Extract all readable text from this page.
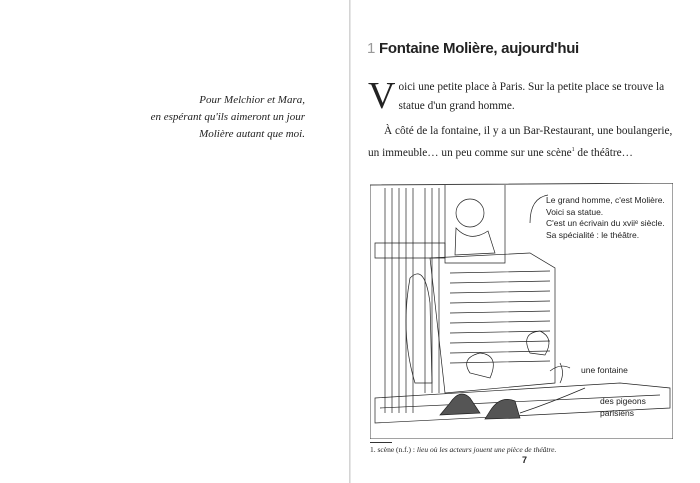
Pour Melchior et Mara,
en espérant qu'ils aimeront un jour
Molière autant que moi.
1 Fontaine Molière, aujourd'hui
Voici une petite place à Paris. Sur la petite place se trouve la statue d'un grand homme.
À côté de la fontaine, il y a un Bar-Restaurant, une boulangerie, un immeuble… un peu comme sur une scène$^1$ de théâtre…
Le grand homme, c'est Molière.
Voici sa statue.
C'est un écrivain du xviiᵉ siècle.
Sa spécialité : le théâtre.
une fontaine
des pigeons
parisiens
1. scène (n.f.) : lieu où les acteurs jouent une pièce de théâtre.
7
